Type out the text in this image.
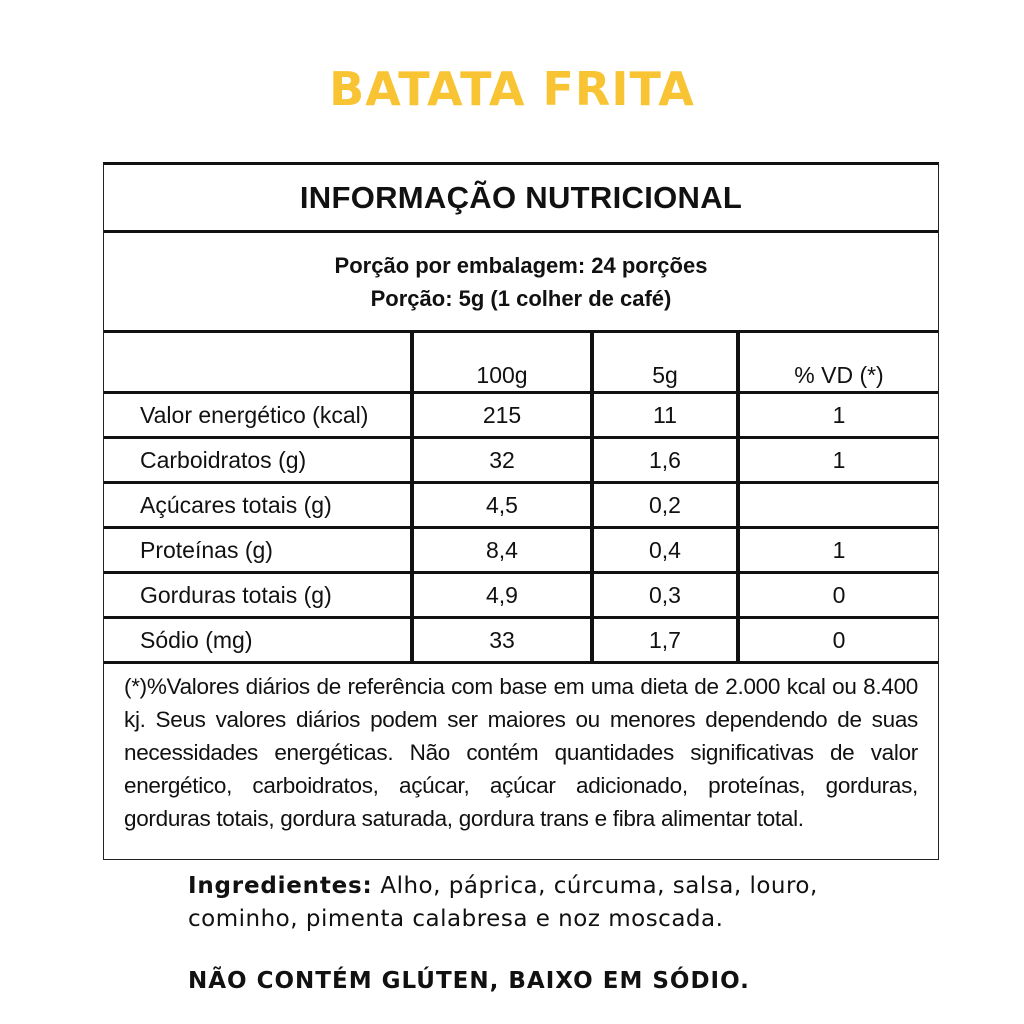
BATATA FRITA
INFORMAÇÃO NUTRICIONAL
Porção por embalagem: 24 porções
Porção: 5g (1 colher de café)
	100g	5g	% VD (*)
Valor energético (kcal)	215	11	1
Carboidratos (g)	32	1,6	1
Açúcares totais (g)	4,5	0,2	
Proteínas (g)	8,4	0,4	1
Gorduras totais (g)	4,9	0,3	0
Sódio (mg)	33	1,7	0
(*)%Valores diários de referência com base em uma dieta de 2.000 kcal ou 8.400 kj. Seus valores diários podem ser maiores ou menores dependendo de suas necessidades energéticas. Não contém quantidades significativas de valor energético, carboidratos, açúcar, açúcar adicionado, proteínas, gorduras, gorduras totais, gordura saturada, gordura trans e fibra alimentar total.
Ingredientes: Alho, páprica, cúrcuma, salsa, louro, cominho, pimenta calabresa e noz moscada.
NÃO CONTÉM GLÚTEN, BAIXO EM SÓDIO.
